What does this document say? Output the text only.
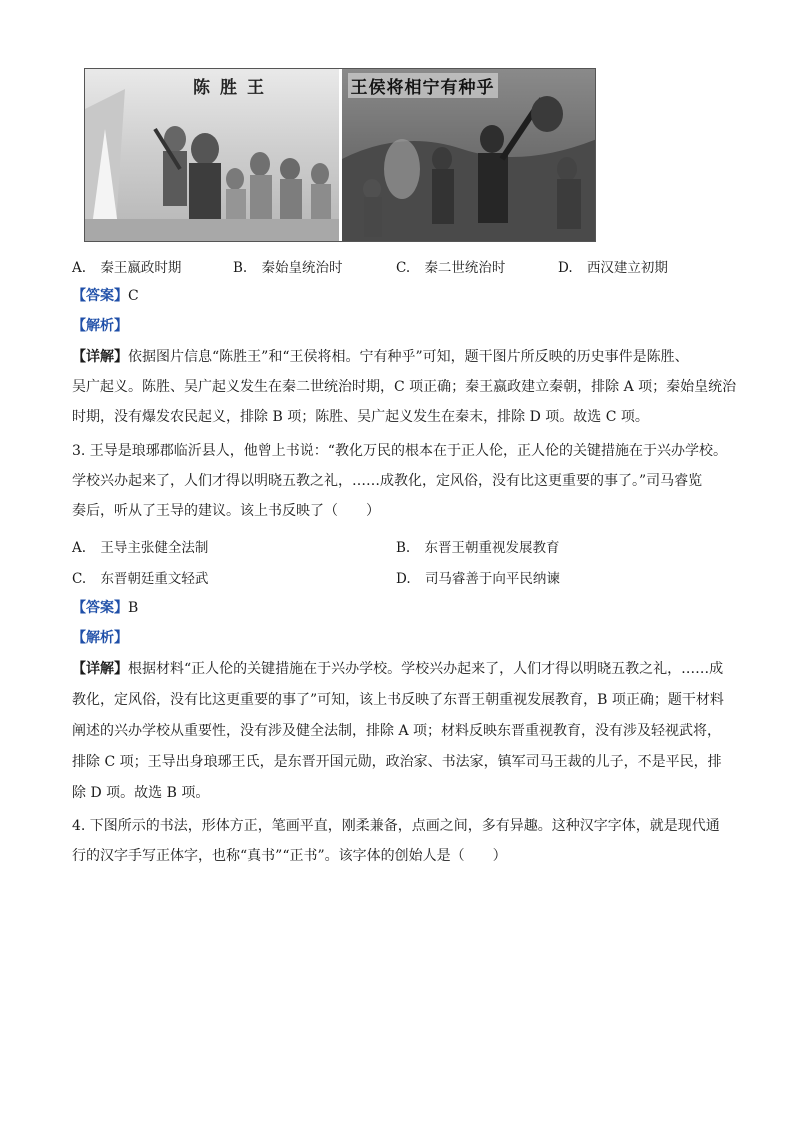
陈胜王	王侯将相宁有种乎
A. 秦王嬴政时期	B. 秦始皇统治时	C. 秦二世统治时	D. 西汉建立初期
【答案】C
【解析】
【详解】依据图片信息“陈胜王”和“王侯将相。宁有种乎”可知，题干图片所反映的历史事件是陈胜、
吴广起义。陈胜、吴广起义发生在秦二世统治时期，C 项正确；秦王嬴政建立秦朝，排除 A 项；秦始皇统治
时期，没有爆发农民起义，排除 B 项；陈胜、吴广起义发生在秦末，排除 D 项。故选 C 项。
3. 王导是琅琊郡临沂县人，他曾上书说：“教化万民的根本在于正人伦，正人伦的关键措施在于兴办学校。
学校兴办起来了，人们才得以明晓五教之礼，……成教化，定风俗，没有比这更重要的事了。”司马睿览
奏后，听从了王导的建议。该上书反映了（　　）
A. 王导主张健全法制	B. 东晋王朝重视发展教育
C. 东晋朝廷重文轻武	D. 司马睿善于向平民纳谏
【答案】B
【解析】
【详解】根据材料“正人伦的关键措施在于兴办学校。学校兴办起来了，人们才得以明晓五教之礼，……成
教化，定风俗，没有比这更重要的事了”可知，该上书反映了东晋王朝重视发展教育，B 项正确；题干材料
阐述的兴办学校从重要性，没有涉及健全法制，排除 A 项；材料反映东晋重视教育，没有涉及轻视武将，
排除 C 项；王导出身琅琊王氏，是东晋开国元勋，政治家、书法家，镇军司马王裁的儿子，不是平民，排
除 D 项。故选 B 项。
4. 下图所示的书法，形体方正，笔画平直，刚柔兼备，点画之间，多有异趣。这种汉字字体，就是现代通
行的汉字手写正体字，也称“真书”“正书”。该字体的创始人是（　　）
